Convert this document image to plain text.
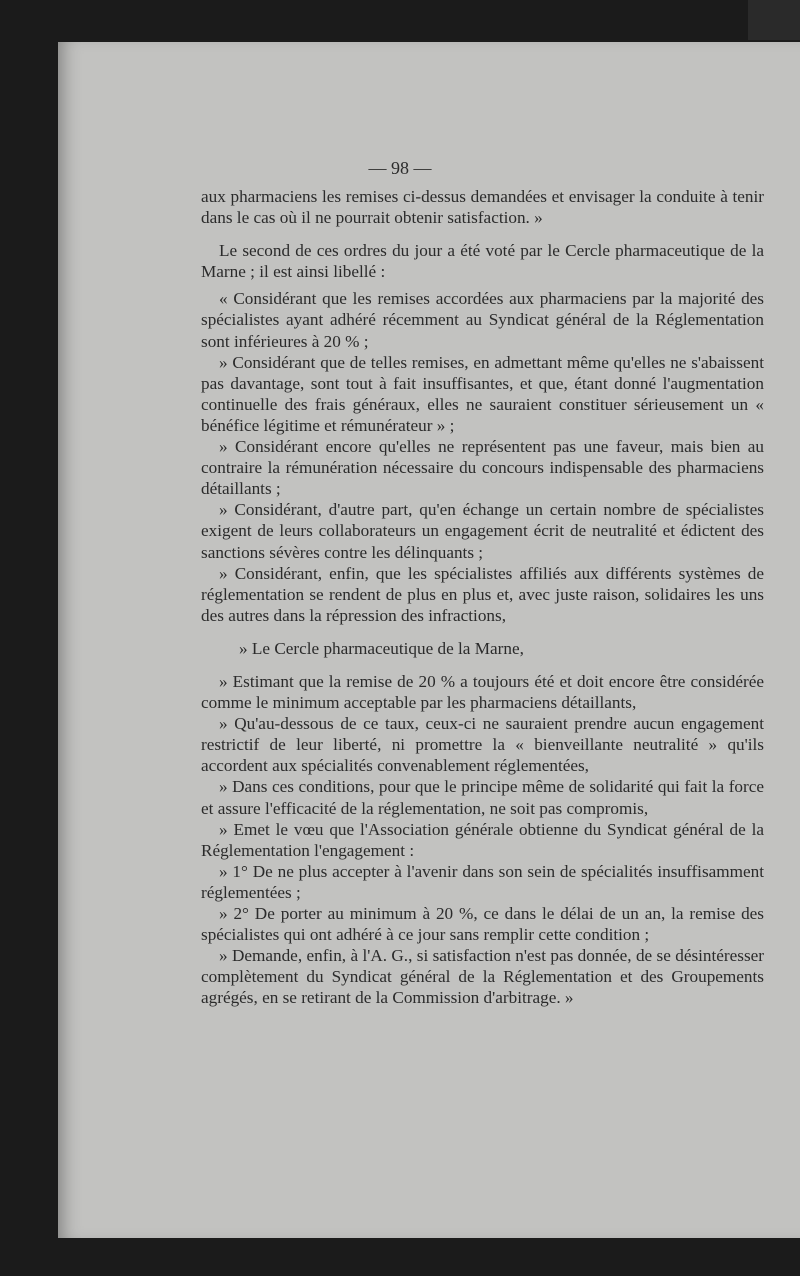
— 98 —

aux pharmaciens les remises ci-dessus demandées et envisager la conduite à tenir dans le cas où il ne pourrait obtenir satisfaction. »

Le second de ces ordres du jour a été voté par le Cercle pharmaceutique de la Marne ; il est ainsi libellé :

« Considérant que les remises accordées aux pharmaciens par la majorité des spécialistes ayant adhéré récemment au Syndicat général de la Réglementation sont inférieures à 20 % ;

» Considérant que de telles remises, en admettant même qu'elles ne s'abaissent pas davantage, sont tout à fait insuffisantes, et que, étant donné l'augmentation continuelle des frais généraux, elles ne sauraient constituer sérieusement un « bénéfice légitime et rémunérateur » ;

» Considérant encore qu'elles ne représentent pas une faveur, mais bien au contraire la rémunération nécessaire du concours indispensable des pharmaciens détaillants ;

» Considérant, d'autre part, qu'en échange un certain nombre de spécialistes exigent de leurs collaborateurs un engagement écrit de neutralité et édictent des sanctions sévères contre les délinquants ;

» Considérant, enfin, que les spécialistes affiliés aux différents systèmes de réglementation se rendent de plus en plus et, avec juste raison, solidaires les uns des autres dans la répression des infractions,

» Le Cercle pharmaceutique de la Marne,

» Estimant que la remise de 20 % a toujours été et doit encore être considérée comme le minimum acceptable par les pharmaciens détaillants,

» Qu'au-dessous de ce taux, ceux-ci ne sauraient prendre aucun engagement restrictif de leur liberté, ni promettre la « bienveillante neutralité » qu'ils accordent aux spécialités convenablement réglementées,

» Dans ces conditions, pour que le principe même de solidarité qui fait la force et assure l'efficacité de la réglementation, ne soit pas compromis,

» Emet le vœu que l'Association générale obtienne du Syndicat général de la Réglementation l'engagement :

» 1° De ne plus accepter à l'avenir dans son sein de spécialités insuffisamment réglementées ;

» 2° De porter au minimum à 20 %, ce dans le délai de un an, la remise des spécialistes qui ont adhéré à ce jour sans remplir cette condition ;

» Demande, enfin, à l'A. G., si satisfaction n'est pas donnée, de se désintéresser complètement du Syndicat général de la Réglementation et des Groupements agrégés, en se retirant de la Commission d'arbitrage. »
